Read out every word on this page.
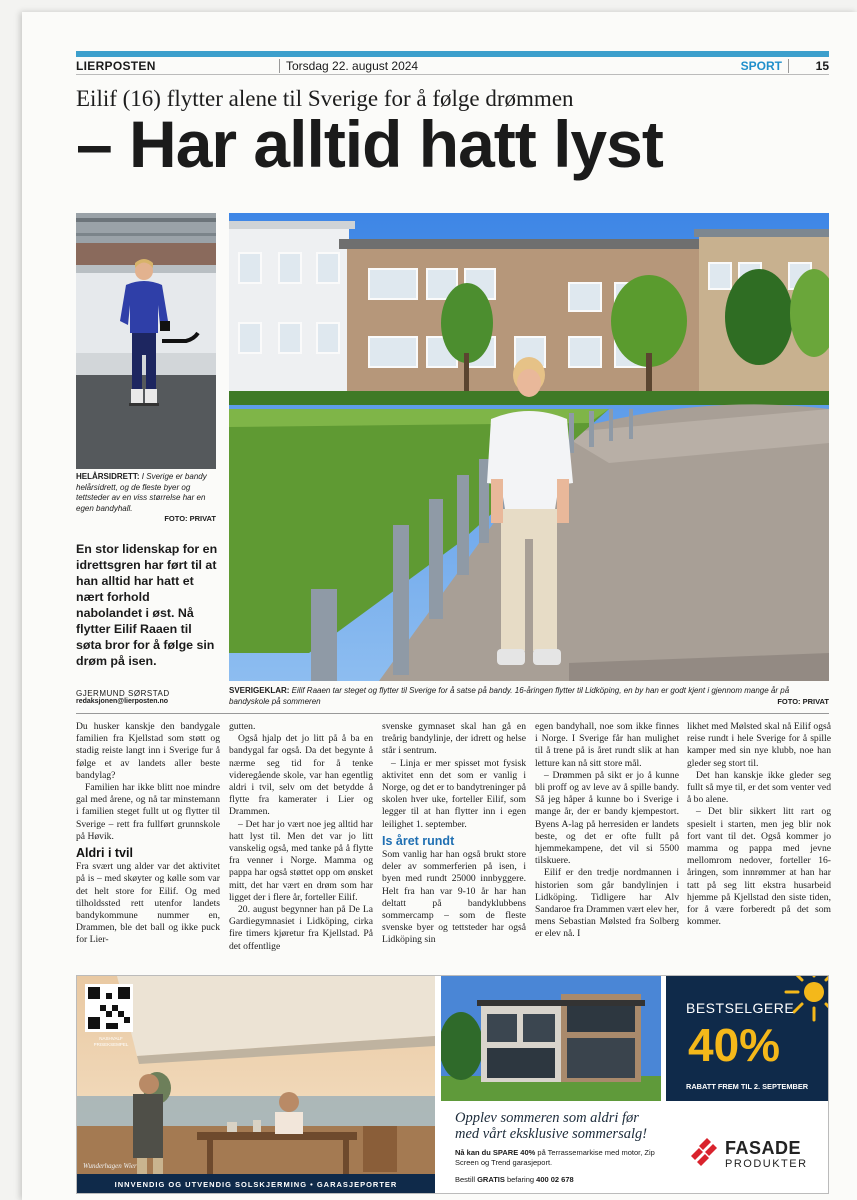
LIERPOSTEN	Torsdag 22. august 2024	SPORT	15
Eilif (16) flytter alene til Sverige for å følge drømmen
– Har alltid hatt lyst
HELÅRSIDRETT: I Sverige er bandy helårsidrett, og de fleste byer og tettsteder av en viss størrelse har en egen bandyhall.
FOTO: PRIVAT
En stor lidenskap for en idrettsgren har ført til at han alltid har hatt et nært forhold nabolandet i øst. Nå flytter Eilif Raaen til søta bror for å følge sin drøm på isen.
GJERMUND SØRSTAD
redaksjonen@lierposten.no
SVERIGEKLAR: Eilif Raaen tar steget og flytter til Sverige for å satse på bandy. 16-åringen flytter til Lidköping, en by han er godt kjent i gjennom mange år på bandyskole på sommeren	FOTO: PRIVAT

Du husker kanskje den bandygale familien fra Kjellstad som støtt og stadig reiste langt inn i Sverige fur å følge et av landets aller beste bandylag?

Familien har ikke blitt noe mindre gal med årene, og nå tar minstemann i familien steget fullt ut og flytter til Sverige – rett fra fullført grunnskole på Høvik.

Aldri i tvil

Fra svært ung alder var det aktivitet på is – med skøyter og kølle som var det helt store for Eilif. Og med tilholdssted rett utenfor landets bandykommune nummer en, Drammen, ble det ball og ikke puck for Lier-

gutten.

Også hjalp det jo litt på å ba en bandygal far også. Da det begynte å nærme seg tid for å tenke videregående skole, var han egentlig aldri i tvil, selv om det betydde å flytte fra kamerater i Lier og Drammen.

– Det har jo vært noe jeg alltid har hatt lyst til. Men det var jo litt vanskelig også, med tanke på å flytte fra venner i Norge. Mamma og pappa har også støttet opp om ønsket mitt, det har vært en drøm som har ligget der i flere år, forteller Eilif.

20. august begynner han på De La Gardiegymnasiet i Lidköping, cirka fire timers kjøretur fra Kjellstad. På det offentlige

svenske gymnaset skal han gå en treårig bandylinje, der idrett og helse står i sentrum.

– Linja er mer spisset mot fysisk aktivitet enn det som er vanlig i Norge, og det er to bandytreninger på skolen hver uke, forteller Eilif, som legger til at han flytter inn i egen leilighet 1. september.

Is året rundt

Som vanlig har han også brukt store deler av sommerferien på isen, i byen med rundt 25000 innbyggere. Helt fra han var 9-10 år har han deltatt på bandyklubbens sommercamp – som de fleste svenske byer og tettsteder har også Lidköping sin

egen bandyhall, noe som ikke finnes i Norge. I Sverige får han mulighet til å trene på is året rundt slik at han letture kan nå sitt store mål.

– Drømmen på sikt er jo å kunne bli proff og av leve av å spille bandy. Så jeg håper å kunne bo i Sverige i mange år, der er bandy kjempestort. Byens A-lag på herresiden er landets beste, og det er ofte fullt på hjemmekampene, det vil si 5500 tilskuere.

Eilif er den tredje nordmannen i historien som går bandylinjen i Lidköping. Tidligere har Alv Sandaroe fra Drammen vært elev her, mens Sebastian Mølsted fra Solberg er elev nå. I

likhet med Mølsted skal nå Eilif også reise rundt i hele Sverige for å spille kamper med sin nye klubb, noe han gleder seg stort til.

Det han kanskje ikke gleder seg fullt så mye til, er det som venter ved å bo alene.

– Det blir sikkert litt rart og spesielt i starten, men jeg blir nok fort vant til det. Også kommer jo mamma og pappa med jevne mellomrom nedover, forteller 16-åringen, som innrømmer at han har tatt på seg litt ekstra husarbeid hjemme på Kjellstad den siste tiden, for å være forberedt på det som kommer.

NASHVALF PRISEKSEMPEL
Wunderhagen Wier
INNVENDIG OG UTVENDIG SOLSKJERMING • GARASJEPORTER
BESTSELGERE
40%
RABATT FREM TIL 2. SEPTEMBER
Opplev sommeren som aldri før
med vårt eksklusive sommersalg!
Nå kan du SPARE 40% på Terrassemarkise med motor, Zip Screen og Trend garasjeport.
Bestill GRATIS befaring 400 02 678
FASADE
PRODUKTER
